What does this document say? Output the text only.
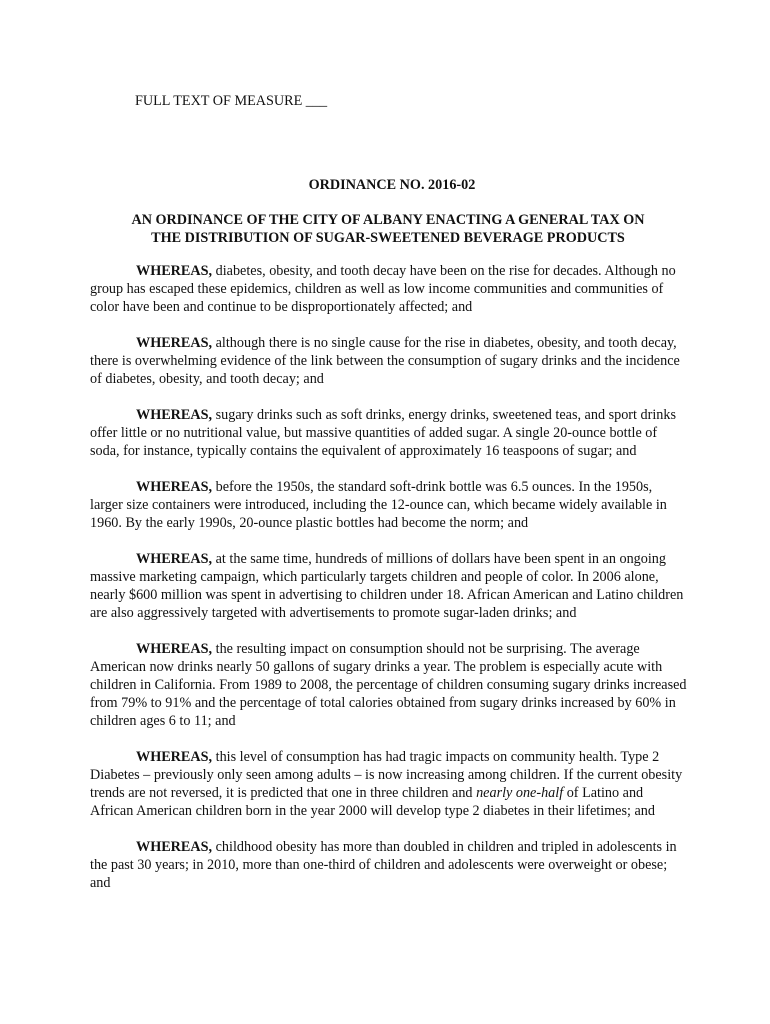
FULL TEXT OF MEASURE ___
ORDINANCE NO. 2016-02
AN ORDINANCE OF THE CITY OF ALBANY ENACTING A GENERAL TAX ON
THE DISTRIBUTION OF SUGAR-SWEETENED BEVERAGE PRODUCTS

WHEREAS, diabetes, obesity, and tooth decay have been on the rise for decades. Although no group has escaped these epidemics, children as well as low income communities and communities of color have been and continue to be disproportionately affected; and

WHEREAS, although there is no single cause for the rise in diabetes, obesity, and tooth decay, there is overwhelming evidence of the link between the consumption of sugary drinks and the incidence of diabetes, obesity, and tooth decay; and

WHEREAS, sugary drinks such as soft drinks, energy drinks, sweetened teas, and sport drinks offer little or no nutritional value, but massive quantities of added sugar. A single 20-ounce bottle of soda, for instance, typically contains the equivalent of approximately 16 teaspoons of sugar; and

WHEREAS, before the 1950s, the standard soft-drink bottle was 6.5 ounces. In the 1950s, larger size containers were introduced, including the 12-ounce can, which became widely available in 1960. By the early 1990s, 20-ounce plastic bottles had become the norm; and

WHEREAS, at the same time, hundreds of millions of dollars have been spent in an ongoing massive marketing campaign, which particularly targets children and people of color. In 2006 alone, nearly $600 million was spent in advertising to children under 18. African American and Latino children are also aggressively targeted with advertisements to promote sugar-laden drinks; and

WHEREAS, the resulting impact on consumption should not be surprising. The average American now drinks nearly 50 gallons of sugary drinks a year. The problem is especially acute with children in California. From 1989 to 2008, the percentage of children consuming sugary drinks increased from 79% to 91% and the percentage of total calories obtained from sugary drinks increased by 60% in children ages 6 to 11; and

WHEREAS, this level of consumption has had tragic impacts on community health. Type 2 Diabetes – previously only seen among adults – is now increasing among children. If the current obesity trends are not reversed, it is predicted that one in three children and nearly one-half of Latino and African American children born in the year 2000 will develop type 2 diabetes in their lifetimes; and

WHEREAS, childhood obesity has more than doubled in children and tripled in adolescents in the past 30 years; in 2010, more than one-third of children and adolescents were overweight or obese; and
